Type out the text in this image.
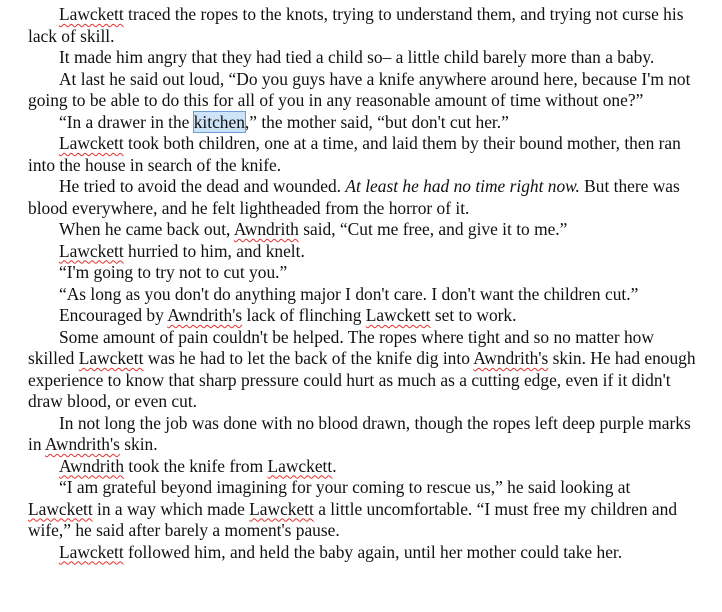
Lawckett traced the ropes to the knots, trying to understand them, and trying not curse his lack of skill.

It made him angry that they had tied a child so– a little child barely more than a baby.

At last he said out loud, “Do you guys have a knife anywhere around here, because I'm not going to be able to do this for all of you in any reasonable amount of time without one?”

“In a drawer in the kitchen,” the mother said, “but don't cut her.”

Lawckett took both children, one at a time, and laid them by their bound mother, then ran into the house in search of the knife.

He tried to avoid the dead and wounded. At least he had no time right now. But there was blood everywhere, and he felt lightheaded from the horror of it.

When he came back out, Awndrith said, “Cut me free, and give it to me.”

Lawckett hurried to him, and knelt.

“I'm going to try not to cut you.”

“As long as you don't do anything major I don't care. I don't want the children cut.”

Encouraged by Awndrith's lack of flinching Lawckett set to work.

Some amount of pain couldn't be helped. The ropes where tight and so no matter how skilled Lawckett was he had to let the back of the knife dig into Awndrith's skin. He had enough experience to know that sharp pressure could hurt as much as a cutting edge, even if it didn't draw blood, or even cut.

In not long the job was done with no blood drawn, though the ropes left deep purple marks in Awndrith's skin.

Awndrith took the knife from Lawckett.

“I am grateful beyond imagining for your coming to rescue us,” he said looking at Lawckett in a way which made Lawckett a little uncomfortable. “I must free my children and wife,” he said after barely a moment's pause.

Lawckett followed him, and held the baby again, until her mother could take her.
